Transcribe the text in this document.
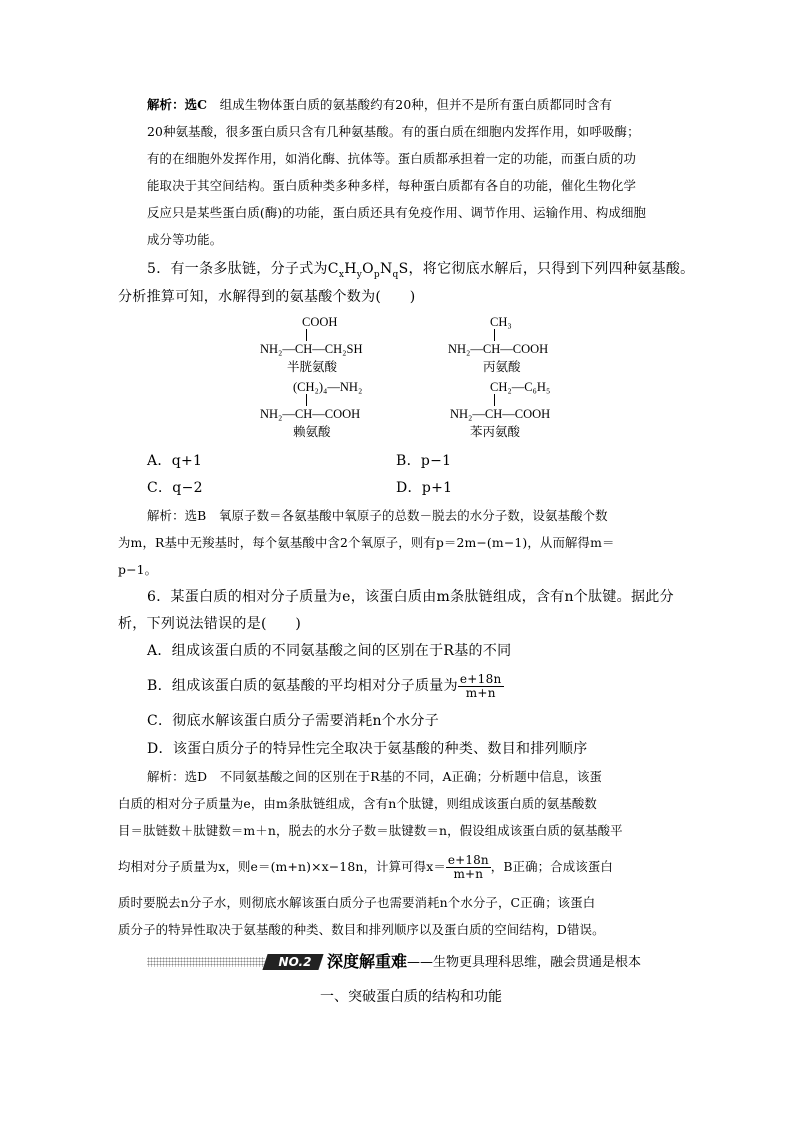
解析：选C　 组成生物体蛋白质的氨基酸约有20种，但并不是所有蛋白质都同时含有
20种氨基酸，很多蛋白质只含有几种氨基酸。有的蛋白质在细胞内发挥作用，如呼吸酶；
有的在细胞外发挥作用，如消化酶、抗体等。蛋白质都承担着一定的功能，而蛋白质的功
能取决于其空间结构。蛋白质种类多种多样，每种蛋白质都有各自的功能，催化生物化学
反应只是某些蛋白质(酶)的功能，蛋白质还具有免疫作用、调节作用、运输作用、构成细胞
成分等功能。
5．有一条多肽链，分子式为$C_xH_yO_pN_qS$，将它彻底水解后，只得到下列四种氨基酸。
分析推算可知，水解得到的氨基酸个数为(　　)
COOH
NH₂—CH—CH₂SH
半胱氨酸
CH₃
NH₂—CH—COOH
丙氨酸
(CH₂)₄—NH₂
NH₂—CH—COOH
赖氨酸
CH₂—C₆H₅
NH₂—CH—COOH
苯丙氨酸
A．q+1	B．p−1
C．q−2	D．p+1
解析：选B　氧原子数＝各氨基酸中氧原子的总数－脱去的水分子数，设氨基酸个数
为m，R基中无羧基时，每个氨基酸中含2个氧原子，则有p＝2m−(m−1)，从而解得m＝
p−1。
6．某蛋白质的相对分子质量为e，该蛋白质由m条肽链组成，含有n个肽键。据此分
析，下列说法错误的是(　　)
A．组成该蛋白质的不同氨基酸之间的区别在于R基的不同
B．组成该蛋白质的氨基酸的平均相对分子质量为 $\frac{e+18n}{m+n}$
C．彻底水解该蛋白质分子需要消耗n个水分子
D．该蛋白质分子的特异性完全取决于氨基酸的种类、数目和排列顺序
解析：选D　不同氨基酸之间的区别在于R基的不同，A正确；分析题中信息，该蛋
白质的相对分子质量为e，由m条肽链组成，含有n个肽键，则组成该蛋白质的氨基酸数
目＝肽链数＋肽键数＝m＋n，脱去的水分子数＝肽键数＝n，假设组成该蛋白质的氨基酸平
均相对分子质量为x，则e＝(m+n)×x−18n，计算可得$x= \frac{e+18n}{m+n}$ ，B正确；合成该蛋白
质时要脱去n分子水，则彻底水解该蛋白质分子也需要消耗n个水分子，C正确；该蛋白
质分子的特异性取决于氨基酸的种类、数目和排列顺序以及蛋白质的空间结构，D错误。
NO.2 深度解重难 ——生物更具理科思维，融会贯通是根本
一、突破蛋白质的结构和功能
